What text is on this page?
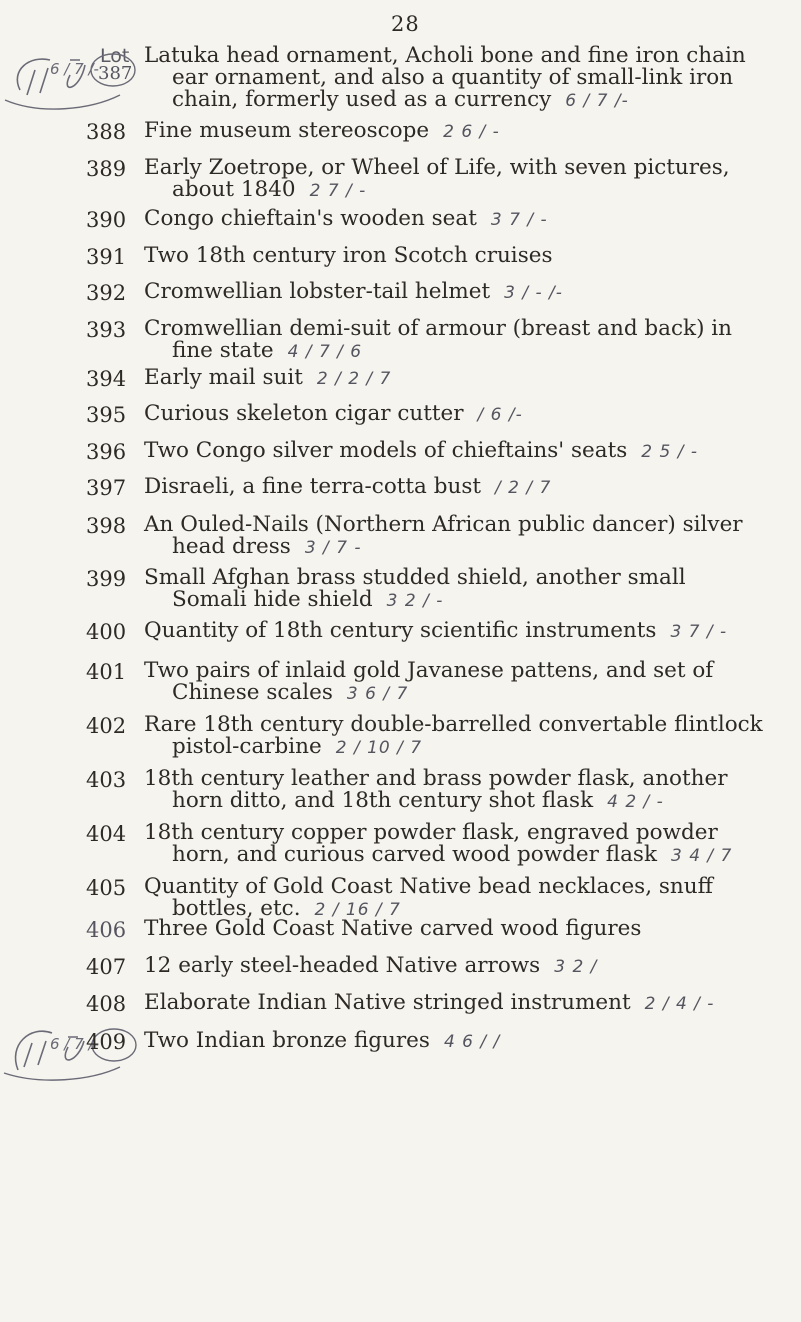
28
Lot
6 / 7 /-
6 / 7 /-
387
Latuka head ornament, Acholi bone and fine iron chain
ear ornament, and also a quantity of small-link iron
chain, formerly used as a currency 6 / 7 /-
388 Fine museum stereoscope 2 6 / -
389 Early Zoetrope, or Wheel of Life, with seven pictures,
about 1840 2 7 / -
390 Congo chieftain's wooden seat 3 7 / -
391 Two 18th century iron Scotch cruises
392 Cromwellian lobster-tail helmet 3 / - /-
393 Cromwellian demi-suit of armour (breast and back) in
fine state 4 / 7 / 6
394 Early mail suit 2 / 2 / 7
395 Curious skeleton cigar cutter / 6 /-
396 Two Congo silver models of chieftains' seats 2 5 / -
397 Disraeli, a fine terra-cotta bust / 2 / 7
398 An Ouled-Nails (Northern African public dancer) silver
head dress 3 / 7 -
399 Small Afghan brass studded shield, another small
Somali hide shield 3 2 / -
400 Quantity of 18th century scientific instruments 3 7 / -
401 Two pairs of inlaid gold Javanese pattens, and set of
Chinese scales 3 6 / 7
402 Rare 18th century double-barrelled convertable flintlock
pistol-carbine 2 / 10 / 7
403 18th century leather and brass powder flask, another
horn ditto, and 18th century shot flask 4 2 / -
404 18th century copper powder flask, engraved powder
horn, and curious carved wood powder flask 3 4 / 7
405 Quantity of Gold Coast Native bead necklaces, snuff
bottles, etc. 2 / 16 / 7
406 Three Gold Coast Native carved wood figures
407 12 early steel-headed Native arrows 3 2 /
408 Elaborate Indian Native stringed instrument 2 / 4 / -
409 Two Indian bronze figures 4 6 / /
